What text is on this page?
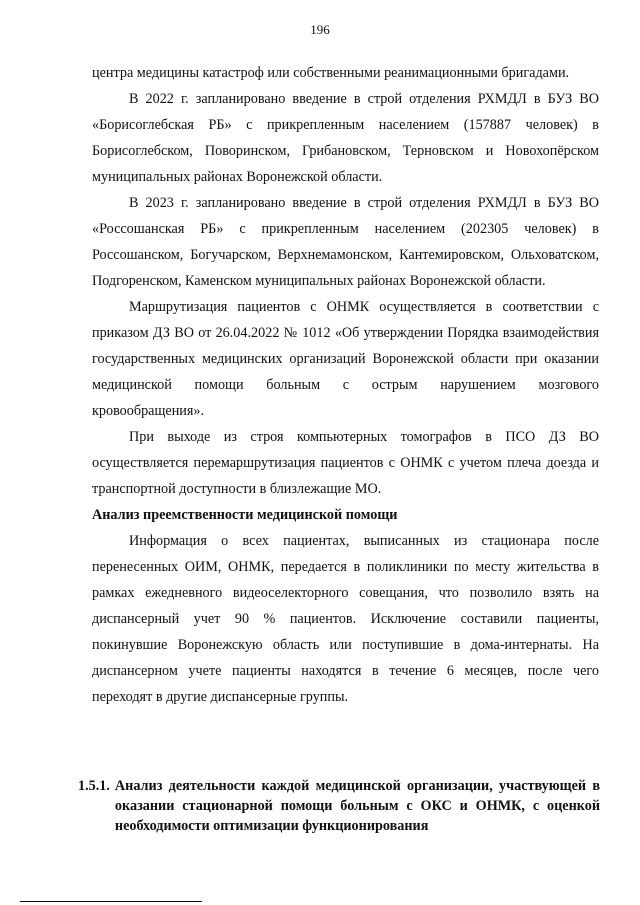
196

центра медицины катастроф или собственными реанимационными бригадами.

В 2022 г. запланировано введение в строй отделения РХМДЛ в БУЗ ВО «Борисоглебская РБ» с прикрепленным населением (157887 человек) в Борисоглебском, Поворинском, Грибановском, Терновском и Новохопёрском муниципальных районах Воронежской области.

В 2023 г. запланировано введение в строй отделения РХМДЛ в БУЗ ВО «Россошанская РБ» с прикрепленным населением (202305 человек) в Россошанском, Богучарском, Верхнемамонском, Кантемировском, Ольховатском, Подгоренском, Каменском муниципальных районах Воронежской области.

Маршрутизация пациентов с ОНМК осуществляется в соответствии с приказом ДЗ ВО от 26.04.2022 № 1012 «Об утверждении Порядка взаимодействия государственных медицинских организаций Воронежской области при оказании медицинской помощи больным с острым нарушением мозгового кровообращения».

При выходе из строя компьютерных томографов в ПСО ДЗ ВО осуществляется перемаршрутизация пациентов с ОНМК с учетом плеча доезда и транспортной доступности в близлежащие МО.

Анализ преемственности медицинской помощи

Информация о всех пациентах, выписанных из стационара после перенесенных ОИМ, ОНМК, передается в поликлиники по месту жительства в рамках ежедневного видеоселекторного совещания, что позволило взять на диспансерный учет 90 % пациентов. Исключение составили пациенты, покинувшие Воронежскую область или поступившие в дома-интернаты. На диспансерном учете пациенты находятся в течение 6 месяцев, после чего переходят в другие диспансерные группы.

1.5.1. Анализ деятельности каждой медицинской организации, участвующей в оказании стационарной помощи больным с ОКС и ОНМК, с оценкой необходимости оптимизации функционирования
